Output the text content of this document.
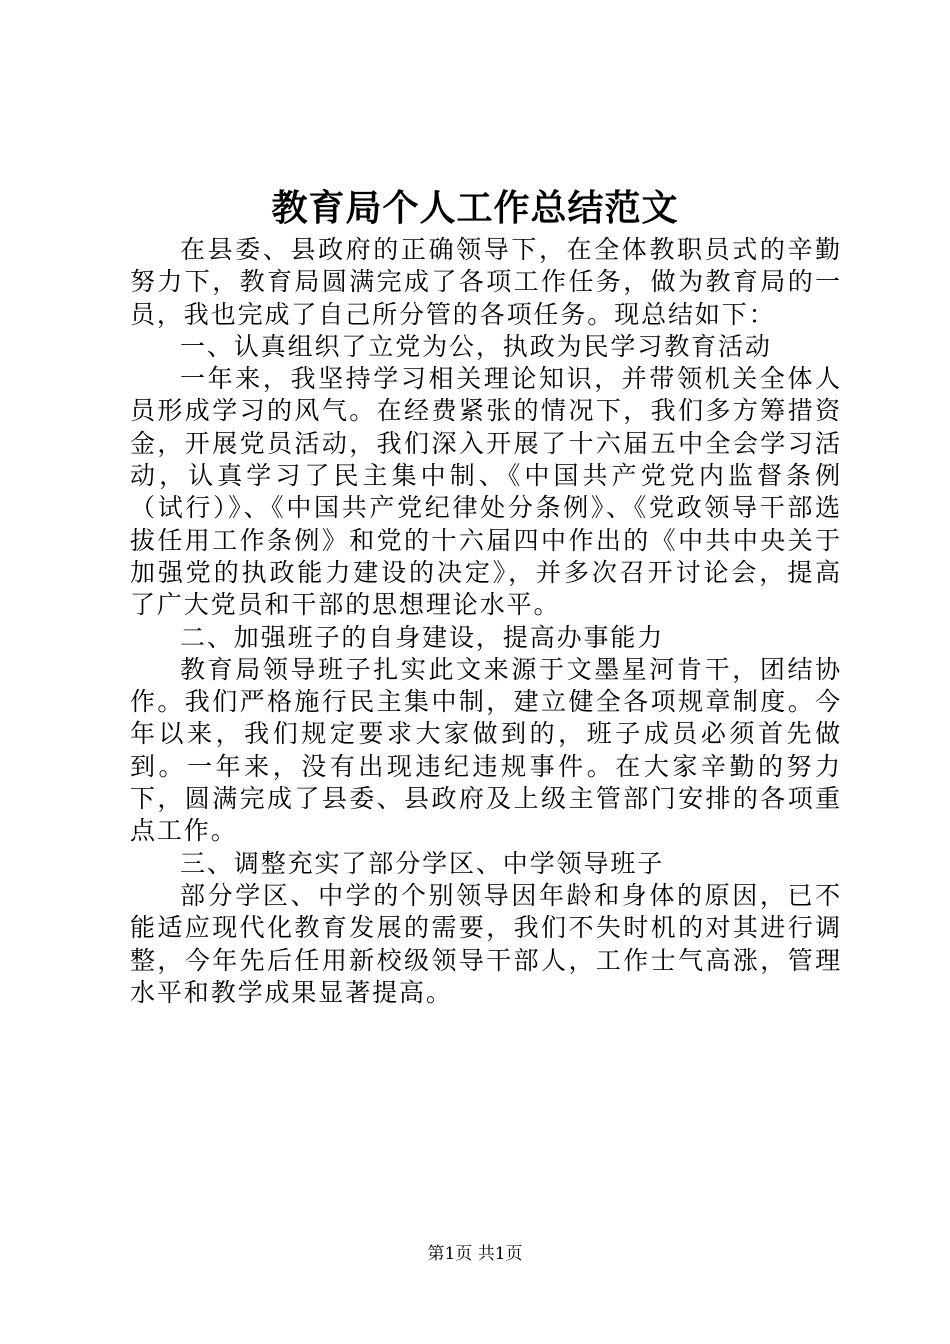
教育局个人工作总结范文

在县委、县政府的正确领导下，在全体教职员式的辛勤努力下，教育局圆满完成了各项工作任务，做为教育局的一员，我也完成了自己所分管的各项任务。现总结如下：

一、认真组织了立党为公，执政为民学习教育活动

一年来，我坚持学习相关理论知识，并带领机关全体人员形成学习的风气。在经费紧张的情况下，我们多方筹措资金，开展党员活动，我们深入开展了十六届五中全会学习活动，认真学习了民主集中制、《中国共产党党内监督条例（试行）》、《中国共产党纪律处分条例》、《党政领导干部选拔任用工作条例》和党的十六届四中作出的《中共中央关于加强党的执政能力建设的决定》，并多次召开讨论会，提高了广大党员和干部的思想理论水平。

二、加强班子的自身建设，提高办事能力

教育局领导班子扎实此文来源于文墨星河肯干，团结协作。我们严格施行民主集中制，建立健全各项规章制度。今年以来，我们规定要求大家做到的，班子成员必须首先做到。一年来，没有出现违纪违规事件。在大家辛勤的努力下，圆满完成了县委、县政府及上级主管部门安排的各项重点工作。

三、调整充实了部分学区、中学领导班子

部分学区、中学的个别领导因年龄和身体的原因，已不能适应现代化教育发展的需要，我们不失时机的对其进行调整，今年先后任用新校级领导干部人，工作士气高涨，管理水平和教学成果显著提高。

第1页 共1页
